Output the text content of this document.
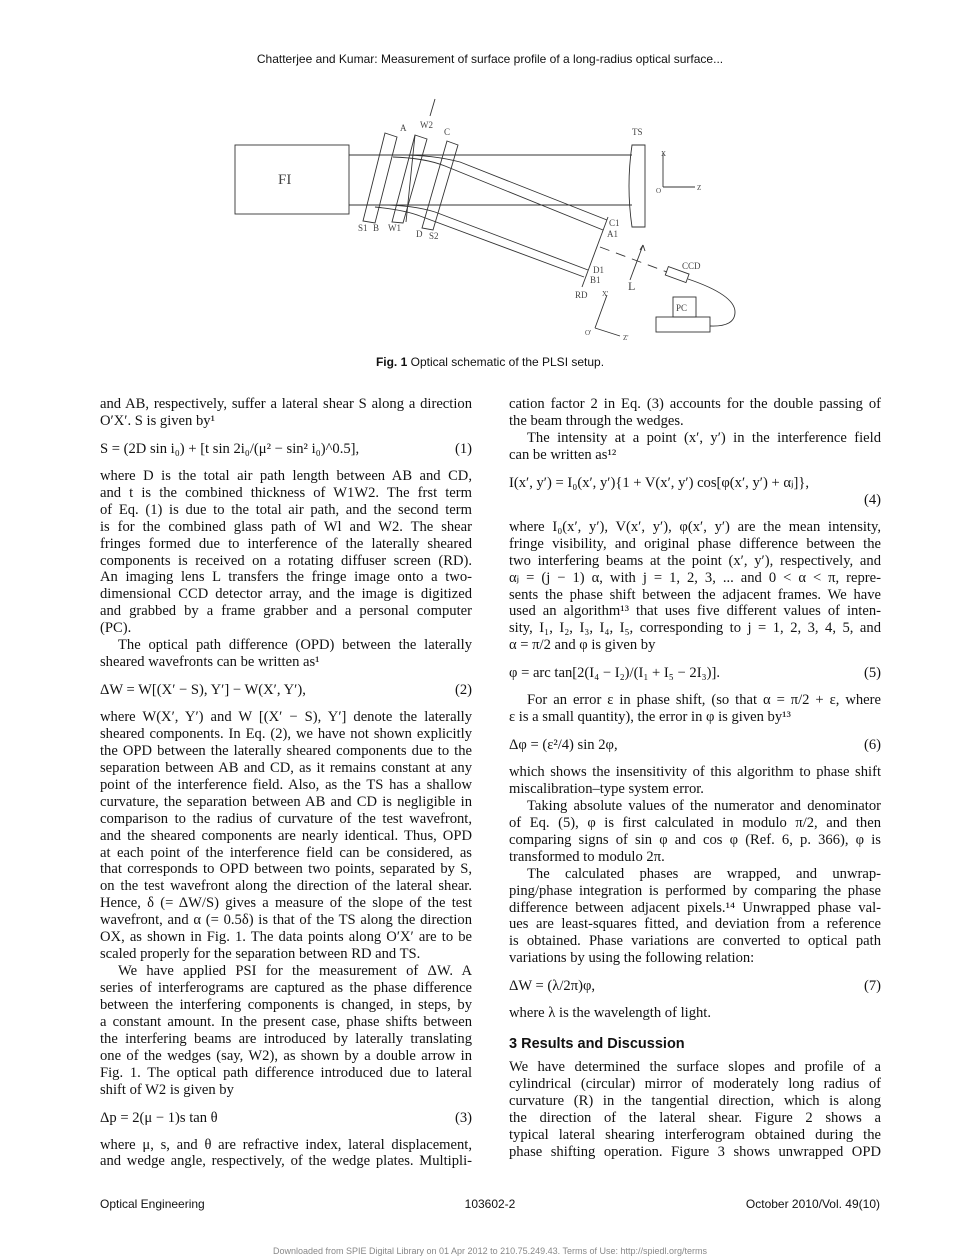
Chatterjee and Kumar: Measurement of surface profile of a long-radius optical surface...
FI
A W2
C	TS
X
O	Z
S1 B W1
D S2
C1
A1
D1
B1
RD X'
L
CCD
PC
O'
Z'
Fig. 1 Optical schematic of the PLSI setup.
and AB, respectively, suffer a lateral shear S along a direction
O′X′. S is given by¹
S = (2D sin i₀) + [t sin 2i₀/(μ² − sin² i₀)^0.5],	(1)
where D is the total air path length between AB and CD,
and t is the combined thickness of W1W2. The frst term
of Eq. (1) is due to the total air path, and the second term
is for the combined glass path of Wl and W2. The shear
fringes formed due to interference of the laterally sheared
components is received on a rotating diffuser screen (RD).
An imaging lens L transfers the fringe image onto a two-
dimensional CCD detector array, and the image is digitized
and grabbed by a frame grabber and a personal computer
(PC).
The optical path difference (OPD) between the laterally
sheared wavefronts can be written as¹
ΔW = W[(X′ − S), Y′] − W(X′, Y′),	(2)
where W(X′, Y′) and W [(X′ − S), Y′] denote the laterally
sheared components. In Eq. (2), we have not shown explicitly
the OPD between the laterally sheared components due to the
separation between AB and CD, as it remains constant at any
point of the interference field. Also, as the TS has a shallow
curvature, the separation between AB and CD is negligible in
comparison to the radius of curvature of the test wavefront,
and the sheared components are nearly identical. Thus, OPD
at each point of the interference field can be considered, as
that corresponds to OPD between two points, separated by S,
on the test wavefront along the direction of the lateral shear.
Hence, δ (= ΔW/S) gives a measure of the slope of the test
wavefront, and α (= 0.5δ) is that of the TS along the direction
OX, as shown in Fig. 1. The data points along O′X′ are to be
scaled properly for the separation between RD and TS.
We have applied PSI for the measurement of ΔW. A
series of interferograms are captured as the phase difference
between the interfering components is changed, in steps, by
a constant amount. In the present case, phase shifts between
the interfering beams are introduced by laterally translating
one of the wedges (say, W2), as shown by a double arrow in
Fig. 1. The optical path difference introduced due to lateral
shift of W2 is given by
Δp = 2(μ − 1)s tan θ	(3)
where μ, s, and θ are refractive index, lateral displacement,
and wedge angle, respectively, of the wedge plates. Multipli-
cation factor 2 in Eq. (3) accounts for the double passing of
the beam through the wedges.
The intensity at a point (x′, y′) in the interference field
can be written as¹²
I(x′, y′) = I₀(x′, y′){1 + V(x′, y′) cos[φ(x′, y′) + αⱼ]},
(4)
where I₀(x′, y′), V(x′, y′), φ(x′, y′) are the mean intensity,
fringe visibility, and original phase difference between the
two interfering beams at the point (x′, y′), respectively, and
αⱼ = (j − 1) α, with j = 1, 2, 3, ... and 0 < α < π, repre-
sents the phase shift between the adjacent frames. We have
used an algorithm¹³ that uses five different values of inten-
sity, I₁, I₂, I₃, I₄, I₅, corresponding to j = 1, 2, 3, 4, 5, and
α = π/2 and φ is given by
φ = arc tan[2(I₄ − I₂)/(I₁ + I₅ − 2I₃)].	(5)
For an error ε in phase shift, (so that α = π/2 + ε, where
ε is a small quantity), the error in φ is given by¹³
Δφ = (ε²/4) sin 2φ,	(6)
which shows the insensitivity of this algorithm to phase shift
miscalibration–type system error.
Taking absolute values of the numerator and denominator
of Eq. (5), φ is first calculated in modulo π/2, and then
comparing signs of sin φ and cos φ (Ref. 6, p. 366), φ is
transformed to modulo 2π.
The calculated phases are wrapped, and unwrap-
ping/phase integration is performed by comparing the phase
difference between adjacent pixels.¹⁴ Unwrapped phase val-
ues are least-squares fitted, and deviation from a reference
is obtained. Phase variations are converted to optical path
variations by using the following relation:
ΔW = (λ/2π)φ,	(7)
where λ is the wavelength of light.
3 Results and Discussion
We have determined the surface slopes and profile of a
cylindrical (circular) mirror of moderately long radius of
curvature (R) in the tangential direction, which is along
the direction of the lateral shear. Figure 2 shows a
typical lateral shearing interferogram obtained during the
phase shifting operation. Figure 3 shows unwrapped OPD
Optical Engineering	103602-2	October 2010/Vol. 49(10)
Downloaded from SPIE Digital Library on 01 Apr 2012 to 210.75.249.43. Terms of Use: http://spiedl.org/terms
